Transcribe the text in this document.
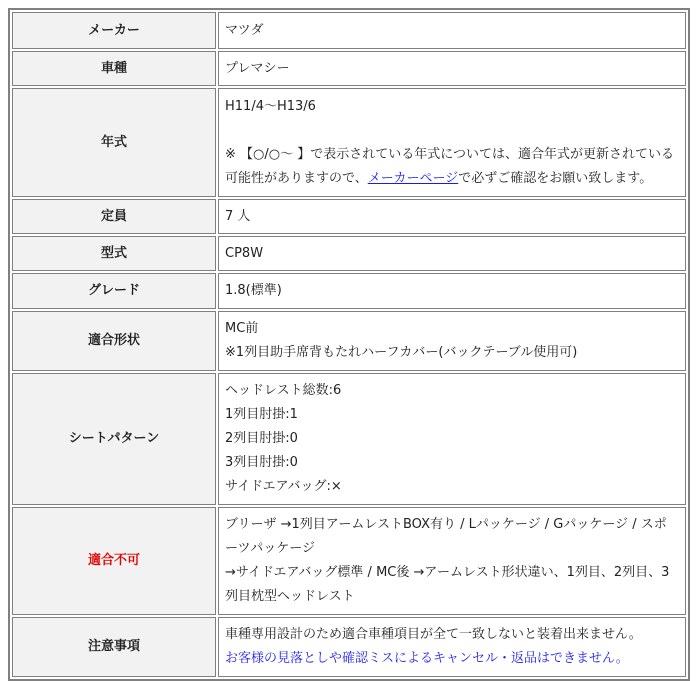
メーカー	マツダ
車種	プレマシー
年式	H11/4～H13/6
※ 【○/○～ 】で表示されている年式については、適合年式が更新されている可能性がありますので、メーカーページで必ずご確認をお願い致します。

定員	7 人
型式	CP8W
グレード	1.8(標準)
適合形状	MC前
※1列目助手席背もたれハーフカバー(バックテーブル使用可)

シートパターン	ヘッドレスト総数:6
1列目肘掛:1
2列目肘掛:0
3列目肘掛:0
サイドエアバッグ:×

適合不可	ブリーザ →1列目アームレストBOX有り / Lパッケージ / Gパッケージ / スポーツパッケージ
→サイドエアバッグ標準 / MC後 →アームレスト形状違い、1列目、2列目、3列目枕型ヘッドレスト

注意事項	車種専用設計のため適合車種項目が全て一致しないと装着出来ません。
お客様の見落としや確認ミスによるキャンセル・返品はできません。
